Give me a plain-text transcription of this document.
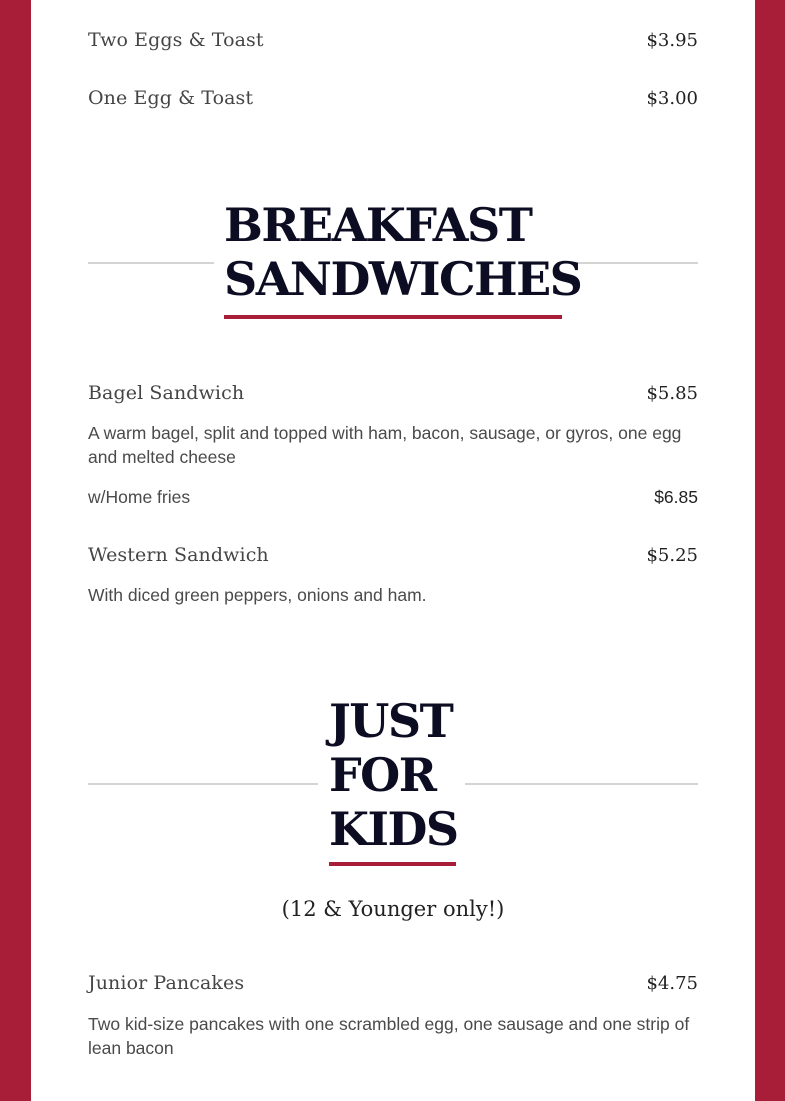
Two Eggs & Toast	$3.95
One Egg & Toast	$3.00
BREAKFAST
SANDWICHES
Bagel Sandwich	$5.85
A warm bagel, split and topped with ham, bacon, sausage, or gyros, one egg and melted cheese
w/Home fries	$6.85
Western Sandwich	$5.25
With diced green peppers, onions and ham.
JUST
FOR
KIDS
(12 & Younger only!)
Junior Pancakes	$4.75
Two kid-size pancakes with one scrambled egg, one sausage and one strip of lean bacon
